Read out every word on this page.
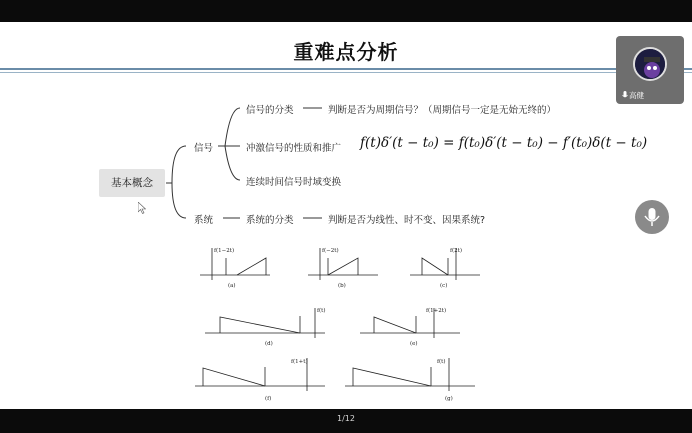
重难点分析
基本概念
信号
系统
信号的分类	判断是否为周期信号？（周期信号一定是无始无终的）
冲激信号的性质和推广
连续时间信号时域变换
系统的分类	判断是否为线性、时不变、因果系统?
f(t)δ′(t − t₀) = f(t₀)δ′(t − t₀) − f′(t₀)δ(t − t₀)
f(1−2t)
(a)
f(−2t)
(b)
f(2t)
(c)
f(t)
(d)
f(1+2t)
(e)
f(1+t)
(f)
f(t)
(g)
高健
1/12
